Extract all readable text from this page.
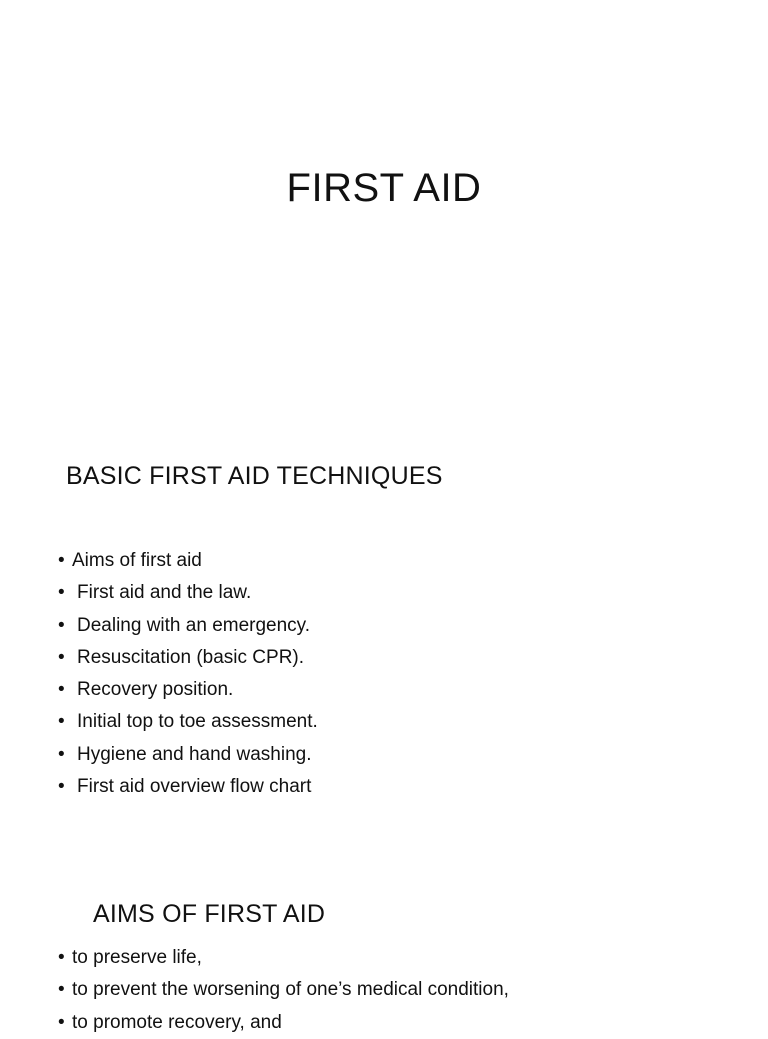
FIRST AID
BASIC FIRST AID TECHNIQUES
• Aims of first aid
• First aid and the law.
• Dealing with an emergency.
• Resuscitation (basic CPR).
• Recovery position.
• Initial top to toe assessment.
• Hygiene and hand washing.
• First aid overview flow chart
AIMS OF FIRST AID
• to preserve life,
• to prevent the worsening of one’s medical condition,
• to promote recovery, and
